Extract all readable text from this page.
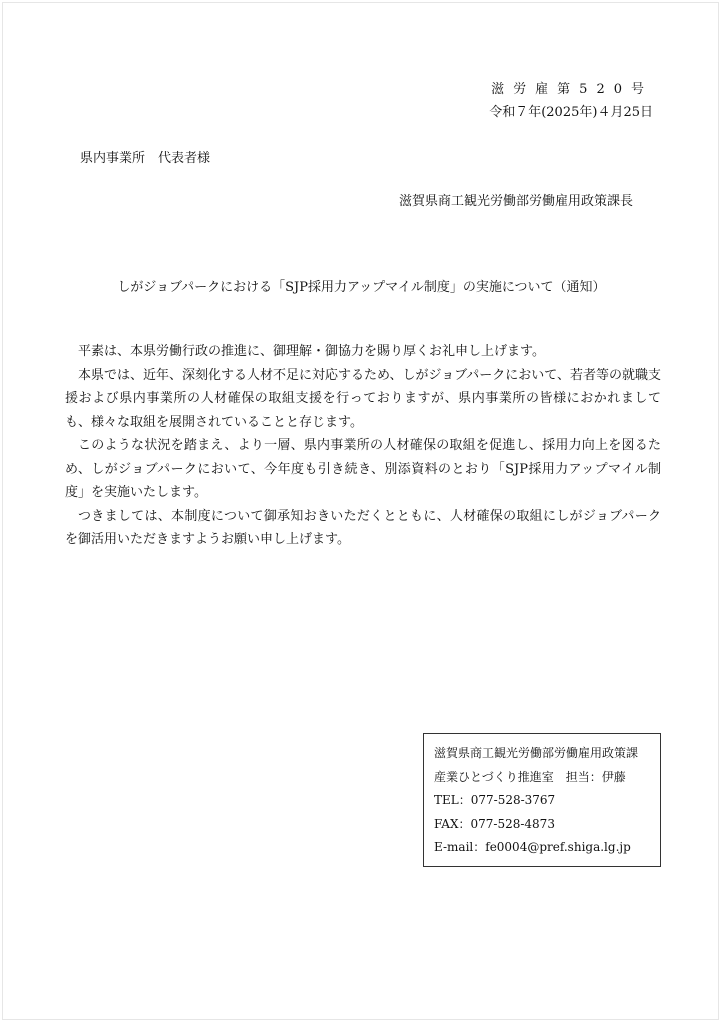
滋労雇第520号
令和７年(2025年)４月25日
県内事業所　代表者様
滋賀県商工観光労働部労働雇用政策課長
しがジョブパークにおける「SJP採用力アップマイル制度」の実施について（通知）

平素は、本県労働行政の推進に、御理解・御協力を賜り厚くお礼申し上げます。

本県では、近年、深刻化する人材不足に対応するため、しがジョブパークにおいて、若者等の就職支援および県内事業所の人材確保の取組支援を行っておりますが、県内事業所の皆様におかれましても、様々な取組を展開されていることと存じます。

このような状況を踏まえ、より一層、県内事業所の人材確保の取組を促進し、採用力向上を図るため、しがジョブパークにおいて、今年度も引き続き、別添資料のとおり「SJP採用力アップマイル制度」を実施いたします。

つきましては、本制度について御承知おきいただくとともに、人材確保の取組にしがジョブパークを御活用いただきますようお願い申し上げます。

滋賀県商工観光労働部労働雇用政策課
産業ひとづくり推進室　担当：伊藤
TEL：077-528-3767
FAX：077-528-4873
E-mail：fe0004@pref.shiga.lg.jp
